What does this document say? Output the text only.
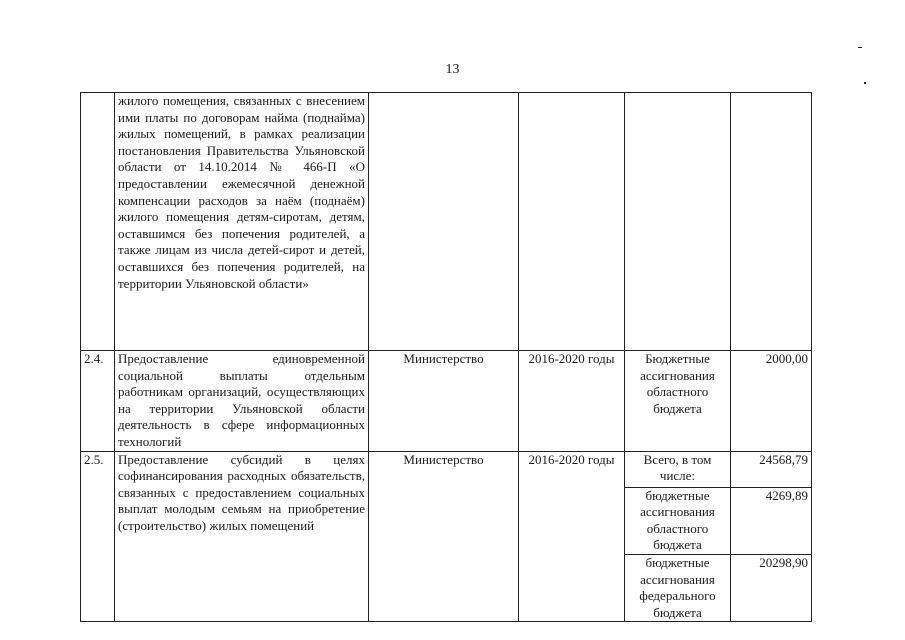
13
	жилого помещения, связанных с внесением ими платы по договорам найма (поднайма) жилых помещений, в рамках реализации постановления Правительства Ульяновской области от 14.10.2014 № 466-П «О предоставлении ежемесячной денежной компенсации расходов за наём (поднаём) жилого помещения детям-сиротам, детям, оставшимся без попечения родителей, а также лицам из числа детей-сирот и детей, оставшихся без попечения родителей, на территории Ульяновской области»				
2.4.	Предоставление единовременной социальной выплаты отдельным работникам организаций, осуществляющих на территории Ульяновской области деятельность в сфере информационных технологий	Министерство	2016-2020 годы	Бюджетные ассигнования областного бюджета	2000,00
2.5.	Предоставление субсидий в целях софинансирования расходных обязательств, связанных с предоставлением социальных выплат молодым семьям на приобретение (строительство) жилых помещений	Министерство	2016-2020 годы	Всего, в том числе:	24568,79
				бюджетные ассигнования областного бюджета	4269,89
				бюджетные ассигнования федерального бюджета	20298,90
